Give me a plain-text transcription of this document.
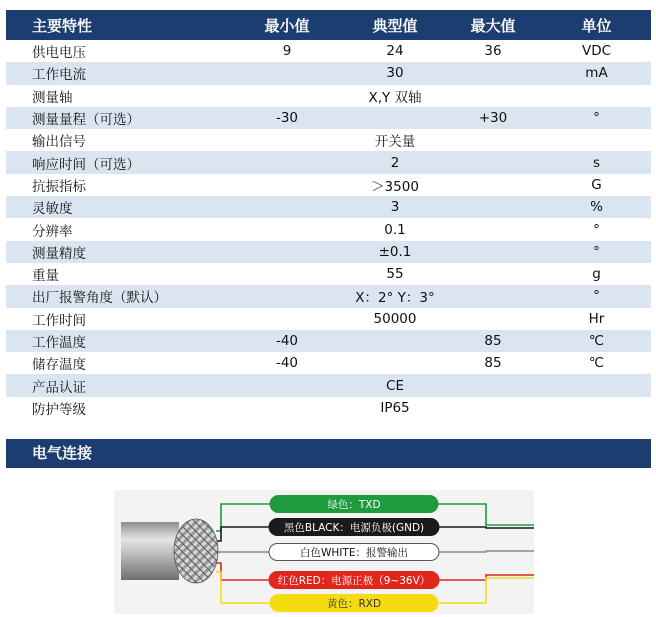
主要特性	最小值	典型值	最大值	单位
供电电压	9	24	36	VDC
工作电流		30		mA
测量轴		X,Y 双轴		
测量量程（可选）	-30		+30	°
输出信号		开关量		
响应时间（可选）		2		s
抗振指标		＞3500		G
灵敏度		3		%
分辨率		0.1		°
测量精度		±0.1		°
重量		55		g
出厂报警角度（默认）		X：2° Y：3°		°
工作时间		50000		Hr
工作温度	-40		85	℃
储存温度	-40		85	℃
产品认证		CE		
防护等级		IP65		
电气连接
绿色：TXD
黑色BLACK：电源负极(GND)
白色WHITE：报警输出
红色RED：电源正极（9~36V）
黄色：RXD
